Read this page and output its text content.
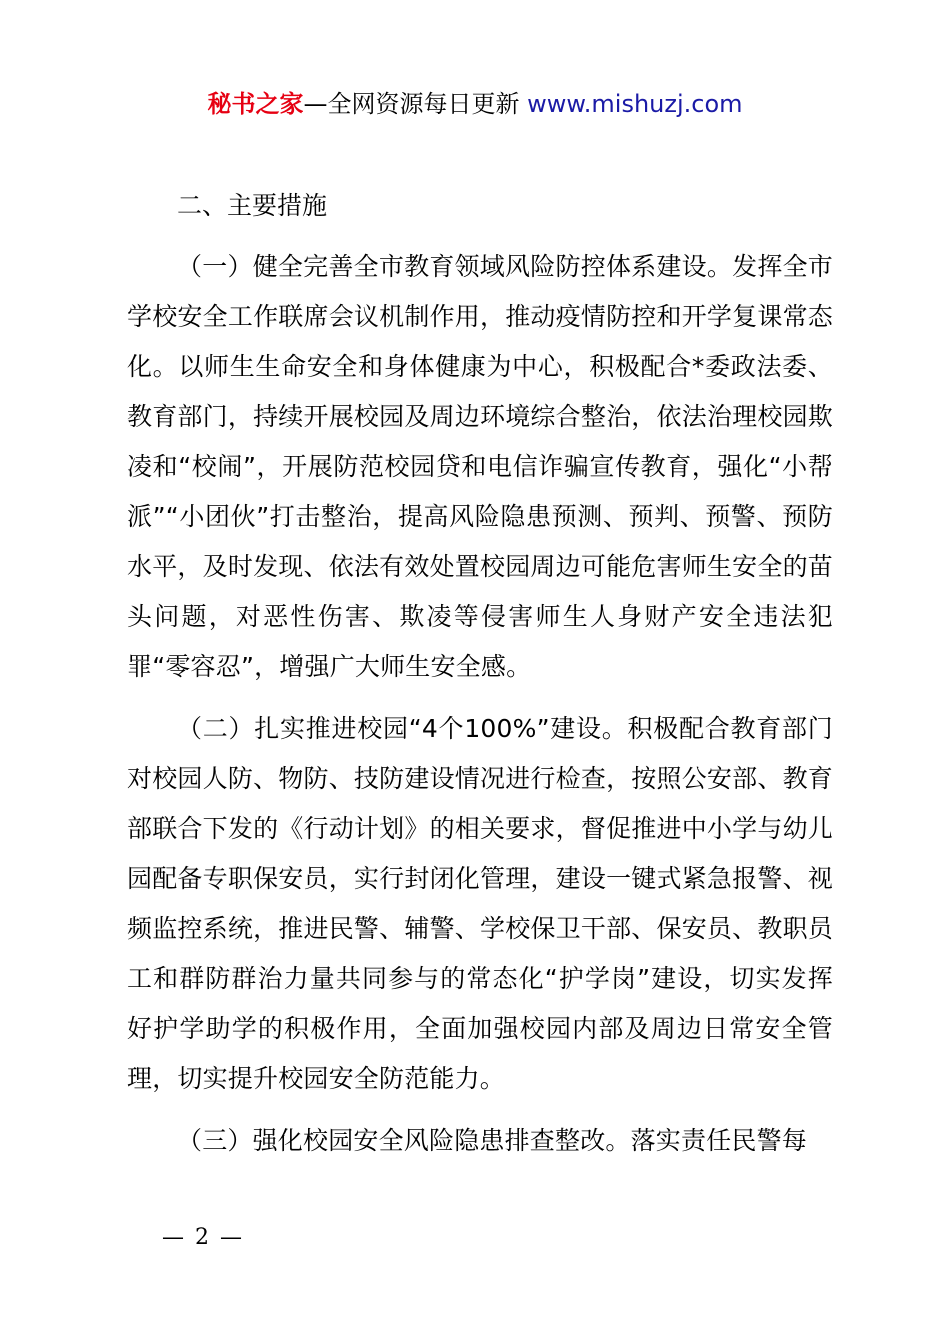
秘书之家—全网资源每日更新 www.mishuzj.com
二、主要措施

（一）健全完善全市教育领域风险防控体系建设。发挥全市学校安全工作联席会议机制作用，推动疫情防控和开学复课常态化。以师生生命安全和身体健康为中心，积极配合*委政法委、教育部门，持续开展校园及周边环境综合整治，依法治理校园欺凌和“校闹”，开展防范校园贷和电信诈骗宣传教育，强化“小帮派”“小团伙”打击整治，提高风险隐患预测、预判、预警、预防水平，及时发现、依法有效处置校园周边可能危害师生安全的苗头问题，对恶性伤害、欺凌等侵害师生人身财产安全违法犯罪“零容忍”，增强广大师生安全感。

（二）扎实推进校园“4个100%”建设。积极配合教育部门对校园人防、物防、技防建设情况进行检查，按照公安部、教育部联合下发的《行动计划》的相关要求，督促推进中小学与幼儿园配备专职保安员，实行封闭化管理，建设一键式紧急报警、视频监控系统，推进民警、辅警、学校保卫干部、保安员、教职员工和群防群治力量共同参与的常态化“护学岗”建设，切实发挥好护学助学的积极作用，全面加强校园内部及周边日常安全管理，切实提升校园安全防范能力。

（三）强化校园安全风险隐患排查整改。落实责任民警每

— 2 —
